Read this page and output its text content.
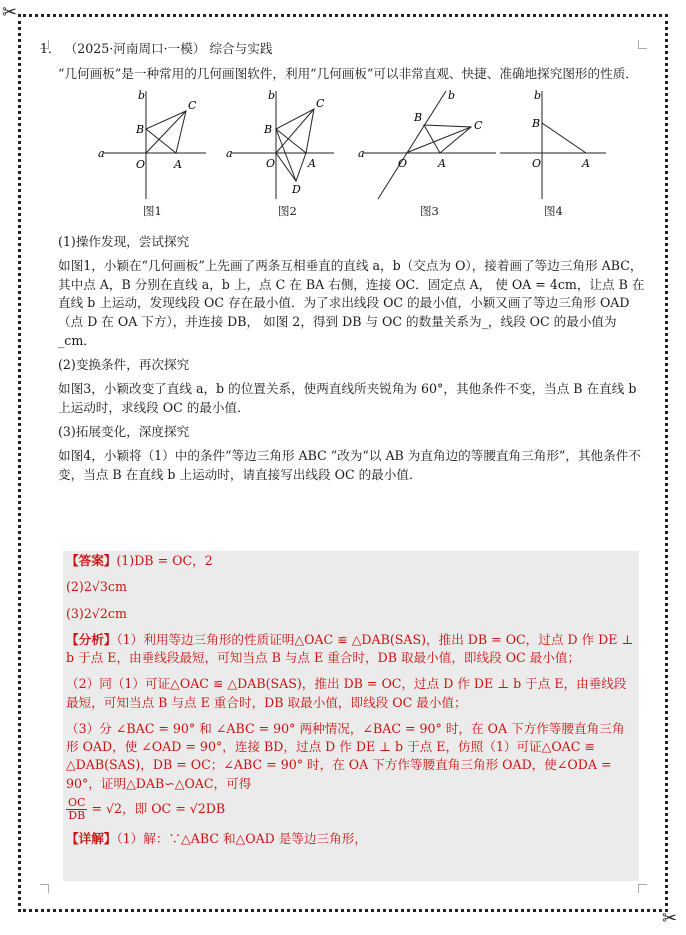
✂
✂
1． （2025·河南周口·一模） 综合与实践

“几何画板”是一种常用的几何画图软件，利用“几何画板”可以非常直观、快捷、准确地探究图形的性质．

a
b
B
C
O	A
图1
a
b
B
C
O	A
D
图2
a
b
B
C
O	A
图3
b
B
O	A
图4

(1)操作发现，尝试探究

如图1，小颖在“几何画板”上先画了两条互相垂直的直线 a，b（交点为 O），接着画了等边三角形 ABC，其中点 A，B 分别在直线 a，b 上，点 C 在 BA 右侧，连接 OC．固定点 A， 使 OA = 4cm，让点 B 在直线 b 上运动，发现线段 OC 存在最小值．为了求出线段 OC 的最小值，小颖又画了等边三角形 OAD（点 D 在 OA 下方），并连接 DB， 如图 2，得到 DB 与 OC 的数量关系为_，线段 OC 的最小值为_cm．

(2)变换条件，再次探究

如图3，小颖改变了直线 a，b 的位置关系，使两直线所夹锐角为 60°，其他条件不变，当点 B 在直线 b 上运动时，求线段 OC 的最小值．

(3)拓展变化，深度探究

如图4，小颖将（1）中的条件“等边三角形 ABC ”改为“以 AB 为直角边的等腰直角三角形”，其他条件不变，当点 B 在直线 b 上运动时，请直接写出线段 OC 的最小值．

【答案】(1)DB = OC，2
(2)2√3cm
(3)2√2cm
【分析】（1）利用等边三角形的性质证明△OAC ≌ △DAB(SAS)，推出 DB = OC，过点 D 作 DE ⊥ b 于点 E，由垂线段最短，可知当点 B 与点 E 重合时，DB 取最小值，即线段 OC 最小值；
（2）同（1）可证△OAC ≌ △DAB(SAS)，推出 DB = OC，过点 D 作 DE ⊥ b 于点 E，由垂线段最短，可知当点 B 与点 E 重合时，DB 取最小值，即线段 OC 最小值；
（3）分 ∠BAC = 90° 和 ∠ABC = 90° 两种情况，∠BAC = 90° 时，在 OA 下方作等腰直角三角形 OAD，使 ∠OAD = 90°，连接 BD，过点 D 作 DE ⊥ b 于点 E，仿照（1）可证△OAC ≌ △DAB(SAS)，DB = OC；∠ABC = 90° 时，在 OA 下方作等腰直角三角形 OAD，使∠ODA = 90°，证明△DAB∽△OAC，可得
$\frac{OC}{DB} = √2$，即 OC = √2DB
【详解】（1）解：∵△ABC 和△OAD 是等边三角形，
